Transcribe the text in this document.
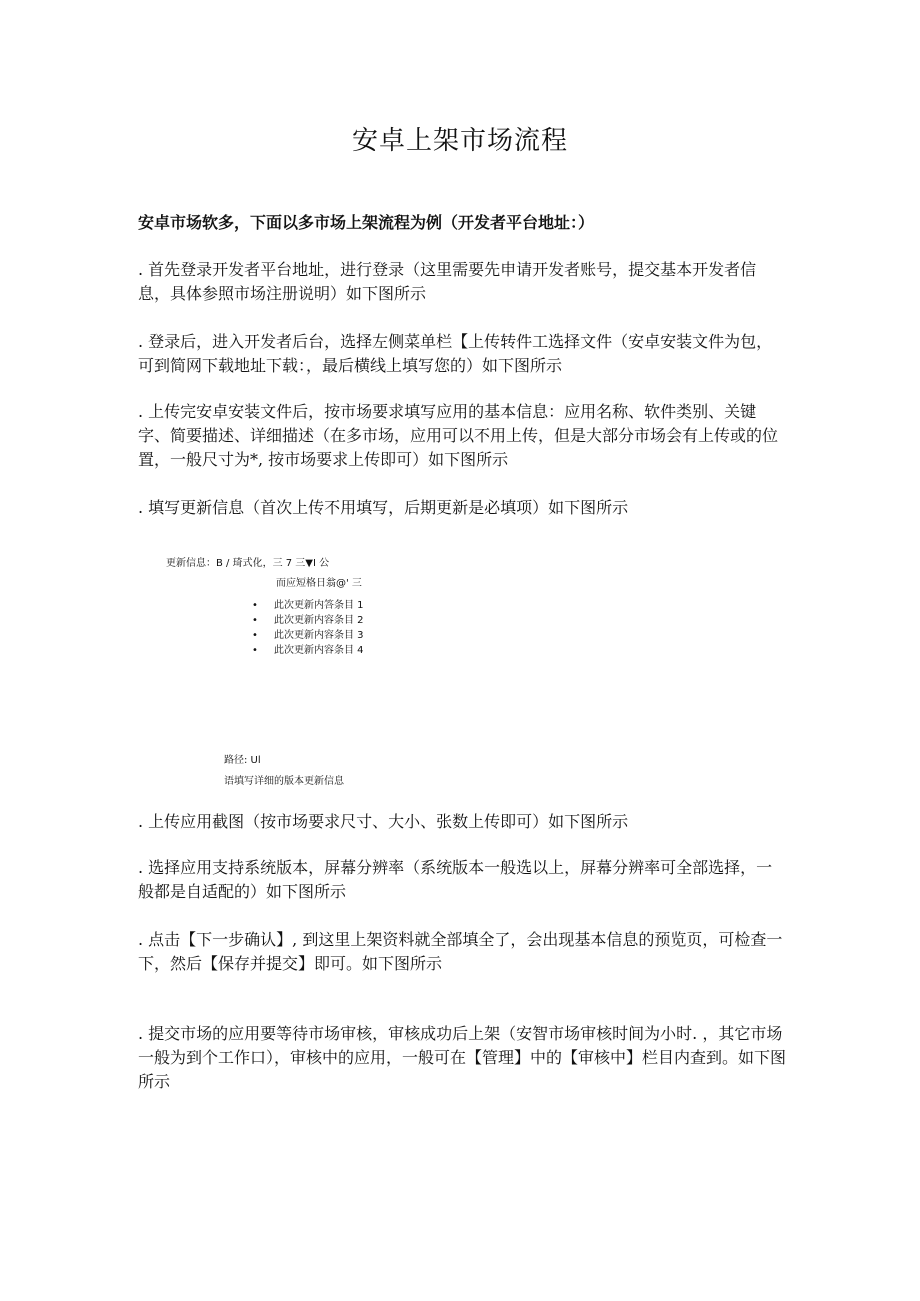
安卓上架市场流程

安卓市场软多，下面以多市场上架流程为例（开发者平台地址：）

. 首先登录开发者平台地址，进行登录（这里需要先申请开发者账号，提交基本开发者信息，具体参照市场注册说明）如下图所示

. 登录后，进入开发者后台，选择左侧菜单栏【上传转件工选择文件（安卓安装文件为包，可到简网下载地址下载：，最后横线上填写您的）如下图所示

. 上传完安卓安装文件后，按市场要求填写应用的基本信息：应用名称、软件类别、关键字、简要描述、详细描述（在多市场，应用可以不用上传，但是大部分市场会有上传或的位置，一般尺寸为*, 按市场要求上传即可）如下图所示

. 填写更新信息（首次上传不用填写，后期更新是必填项）如下图所示

更新信息：B / 琦式化，三 7 三▼I 公
而应短格日翁@' 三
• 此次更新内答条目 1
• 此次更新内容条目 2
• 此次更新内容条目 3
• 此次更新内容条目 4
路径: Ul
语填写详细的版本更新信息

. 上传应用截图（按市场要求尺寸、大小、张数上传即可）如下图所示

. 选择应用支持系统版本，屏幕分辨率（系统版本一般选以上，屏幕分辨率可全部选择，一般都是自适配的）如下图所示

. 点击【下一步确认】, 到这里上架资料就全部填全了，会出现基本信息的预览页，可检查一下，然后【保存并提交】即可。如下图所示

. 提交市场的应用要等待市场审核，审核成功后上架（安智市场审核时间为小时. ，其它市场一般为到个工作口），审核中的应用，一般可在【管理】中的【审核中】栏目内查到。如下图所示
